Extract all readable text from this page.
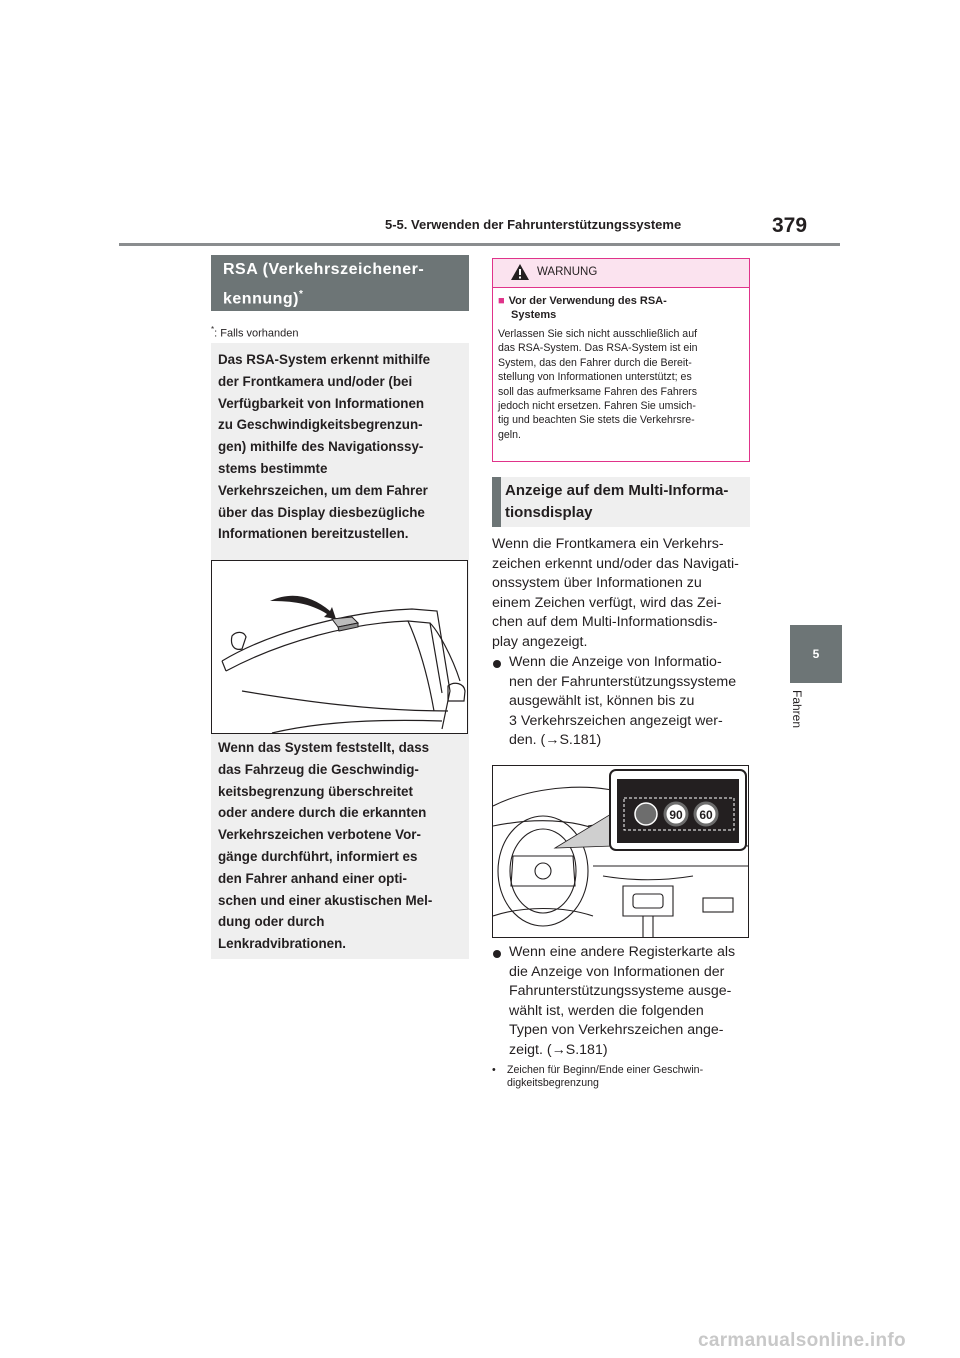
5-5. Verwenden der Fahrunterstützungssysteme	379
5
Fahren
RSA (Verkehrszeichener-
kennung)*
*: Falls vorhanden
Das RSA-System erkennt mithilfe
der Frontkamera und/oder (bei
Verfügbarkeit von Informationen
zu Geschwindigkeitsbegrenzun-
gen) mithilfe des Navigationssy-
stems bestimmte
Verkehrszeichen, um dem Fahrer
über das Display diesbezügliche
Informationen bereitzustellen.
Wenn das System feststellt, dass
das Fahrzeug die Geschwindig-
keitsbegrenzung überschreitet
oder andere durch die erkannten
Verkehrszeichen verbotene Vor-
gänge durchführt, informiert es
den Fahrer anhand einer opti-
schen und einer akustischen Mel-
dung oder durch
Lenkradvibrationen.
WARNUNG
■ Vor der Verwendung des RSA-
Systems
Verlassen Sie sich nicht ausschließlich auf
das RSA-System. Das RSA-System ist ein
System, das den Fahrer durch die Bereit-
stellung von Informationen unterstützt; es
soll das aufmerksame Fahren des Fahrers
jedoch nicht ersetzen. Fahren Sie umsich-
tig und beachten Sie stets die Verkehrsre-
geln.
Anzeige auf dem Multi-Informa-
tionsdisplay
Wenn die Frontkamera ein Verkehrs-
zeichen erkennt und/oder das Navigati-
onssystem über Informationen zu
einem Zeichen verfügt, wird das Zei-
chen auf dem Multi-Informationsdis-
play angezeigt.
Wenn die Anzeige von Informatio-
nen der Fahrunterstützungssysteme
ausgewählt ist, können bis zu
3 Verkehrszeichen angezeigt wer-
den. (→S.181)
90 60
Wenn eine andere Registerkarte als
die Anzeige von Informationen der
Fahrunterstützungssysteme ausge-
wählt ist, werden die folgenden
Typen von Verkehrszeichen ange-
zeigt. (→S.181)
• Zeichen für Beginn/Ende einer Geschwin-
digkeitsbegrenzung
carmanualsonline.info
